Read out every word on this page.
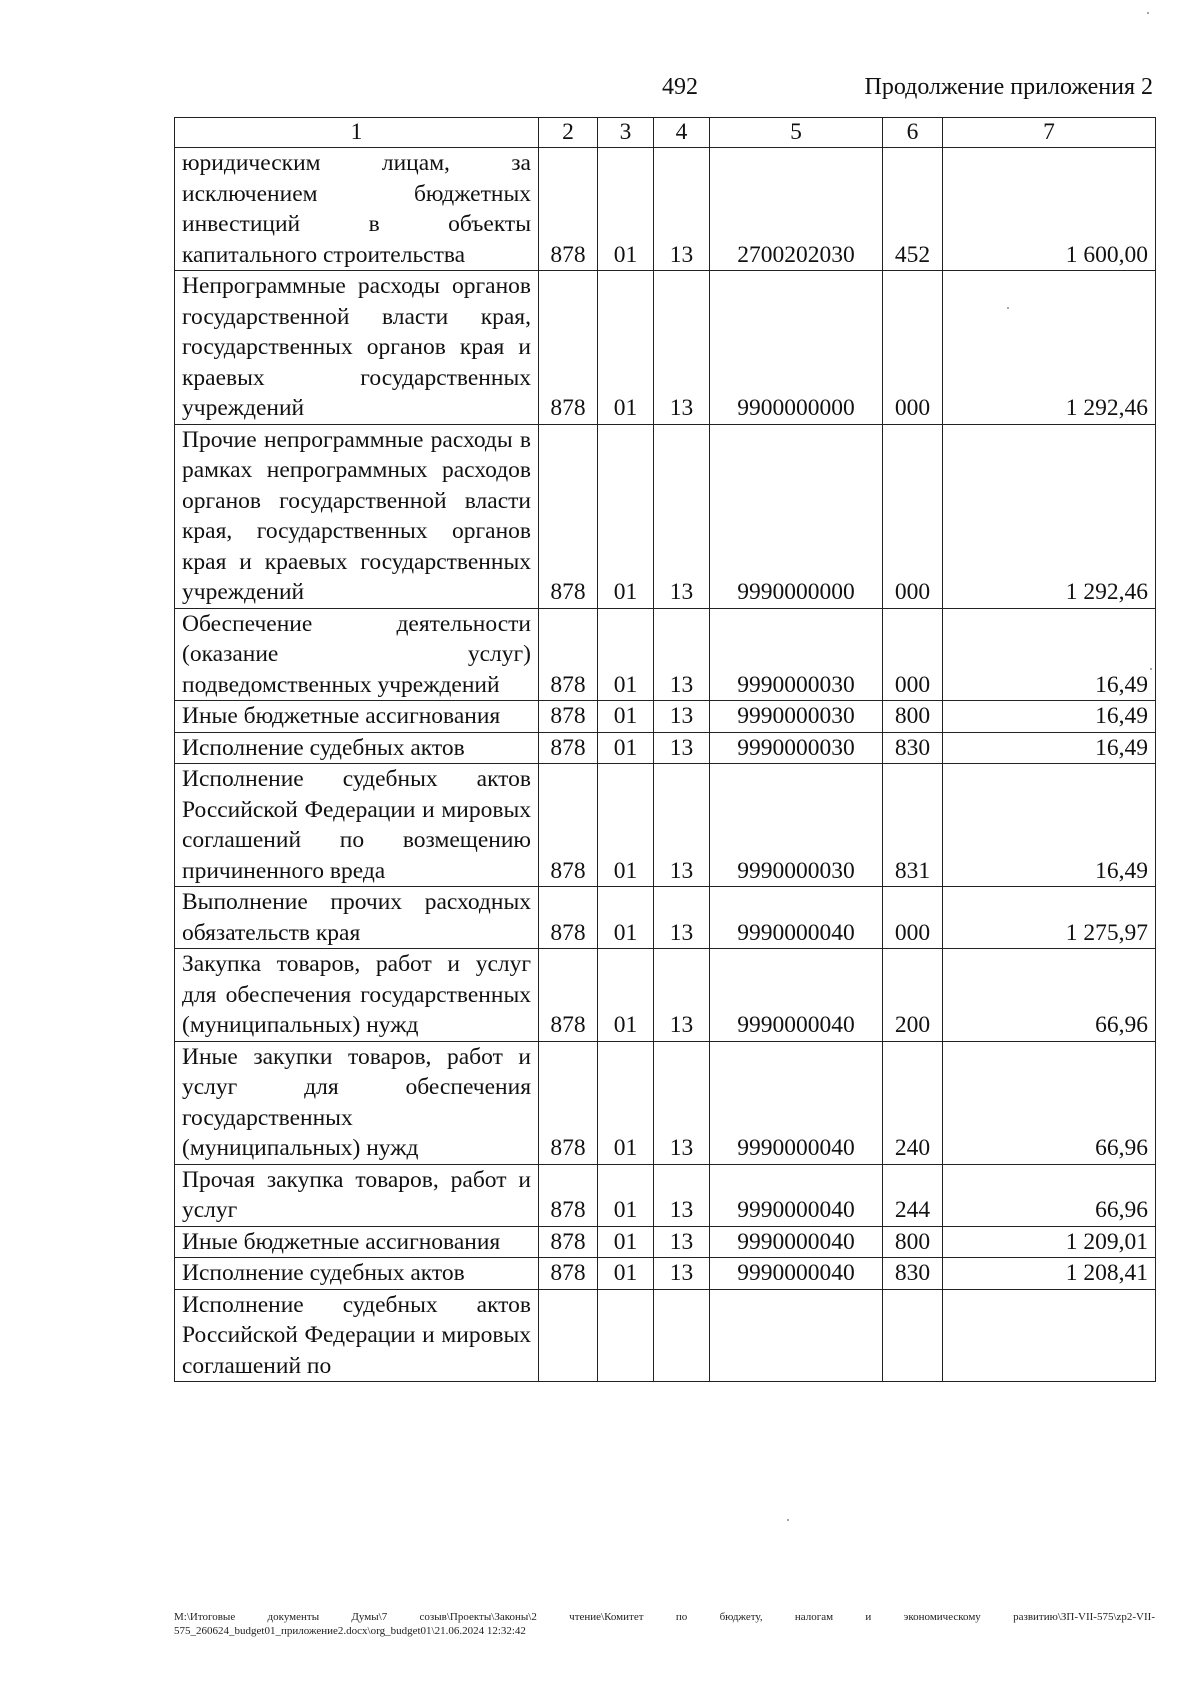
492	Продолжение приложения 2
1	2	3	4	5	6	7
юридическим лицам, за исключением бюджетных инвестиций в объекты капитального строительства	878	01	13	2700202030	452	1 600,00
Непрограммные расходы органов государственной власти края, государственных органов края и краевых государственных учреждений	878	01	13	9900000000	000	1 292,46
Прочие непрограммные расходы в рамках непрограммных расходов органов государственной власти края, государственных органов края и краевых государственных учреждений	878	01	13	9990000000	000	1 292,46
Обеспечение деятельности (оказание услуг) подведомственных учреждений	878	01	13	9990000030	000	16,49
Иные бюджетные ассигнования	878	01	13	9990000030	800	16,49
Исполнение судебных актов	878	01	13	9990000030	830	16,49
Исполнение судебных актов Российской Федерации и мировых соглашений по возмещению причиненного вреда	878	01	13	9990000030	831	16,49
Выполнение прочих расходных обязательств края	878	01	13	9990000040	000	1 275,97
Закупка товаров, работ и услуг для обеспечения государственных (муниципальных) нужд	878	01	13	9990000040	200	66,96
Иные закупки товаров, работ и услуг для обеспечения государственных (муниципальных) нужд	878	01	13	9990000040	240	66,96
Прочая закупка товаров, работ и услуг	878	01	13	9990000040	244	66,96
Иные бюджетные ассигнования	878	01	13	9990000040	800	1 209,01
Исполнение судебных актов	878	01	13	9990000040	830	1 208,41
Исполнение судебных актов Российской Федерации и мировых соглашений по						
M:\Итоговые документы Думы\7 созыв\Проекты\Законы\2 чтение\Комитет по бюджету, налогам и экономическому развитию\ЗП-VII-575\zp2-VII-575_260624_budget01_приложение2.docx\org_budget01\21.06.2024 12:32:42
